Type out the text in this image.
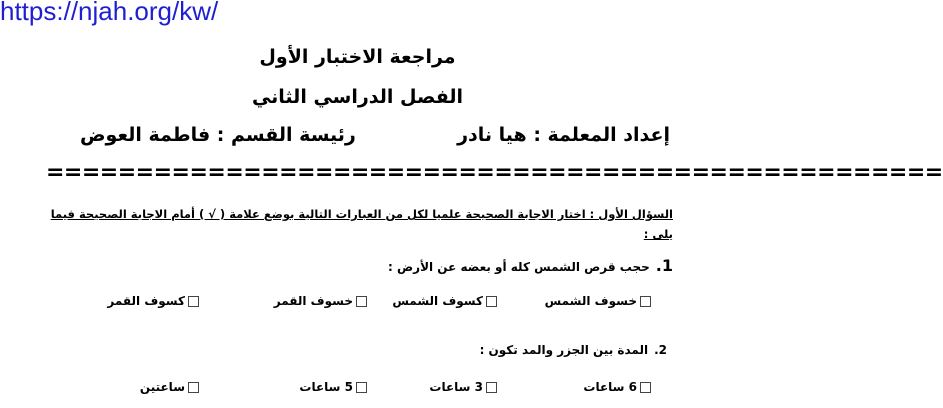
https://njah.org/kw/
مراجعة الاختبار الأول
الفصل الدراسي الثاني
إعداد المعلمة : هيا نادر
رئيسة القسم : فاطمة العوض
==================================================
السؤال الأول : اختار الاجابة الصحيحة علميا لكل من العبارات التالية بوضع علامة ( √ ) أمام الاجابة الصحيحة فيما يلى :
1.
حجب قرص الشمس كله أو بعضه عن الأرض :
خسوف الشمس
كسوف الشمس
خسوف القمر
كسوف القمر
2.
المدة بين الجزر والمد تكون :
6 ساعات
3 ساعات
5 ساعات
ساعتين
